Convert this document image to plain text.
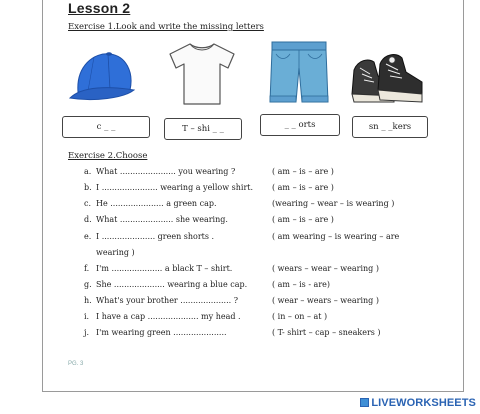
Lesson 2
Exercise 1.Look and write the missing letters
c _ _	T – shi _ _	_ _ orts	sn _ _kers
Exercise 2.Choose
a. What ...................... you wearing ?	( am – is – are )
b. I ...................... wearing a yellow shirt. ( am – is – are )
c. He ..................... a green cap.	(wearing – wear – is wearing )
d. What ..................... she wearing.	( am – is – are )
e. I ..................... green shorts .	( am wearing – is wearing – are
wearing )
f. I'm .................... a black T – shirt.	( wears – wear – wearing )
g. She .................... wearing a blue cap.	( am – is - are)
h. What's your brother .................... ?	( wear – wears – wearing )
i. I have a cap .................... my head .	( in – on – at )
j. I'm wearing green .....................	( T- shirt – cap – sneakers )
PG. 3
LIVEWORKSHEETS
